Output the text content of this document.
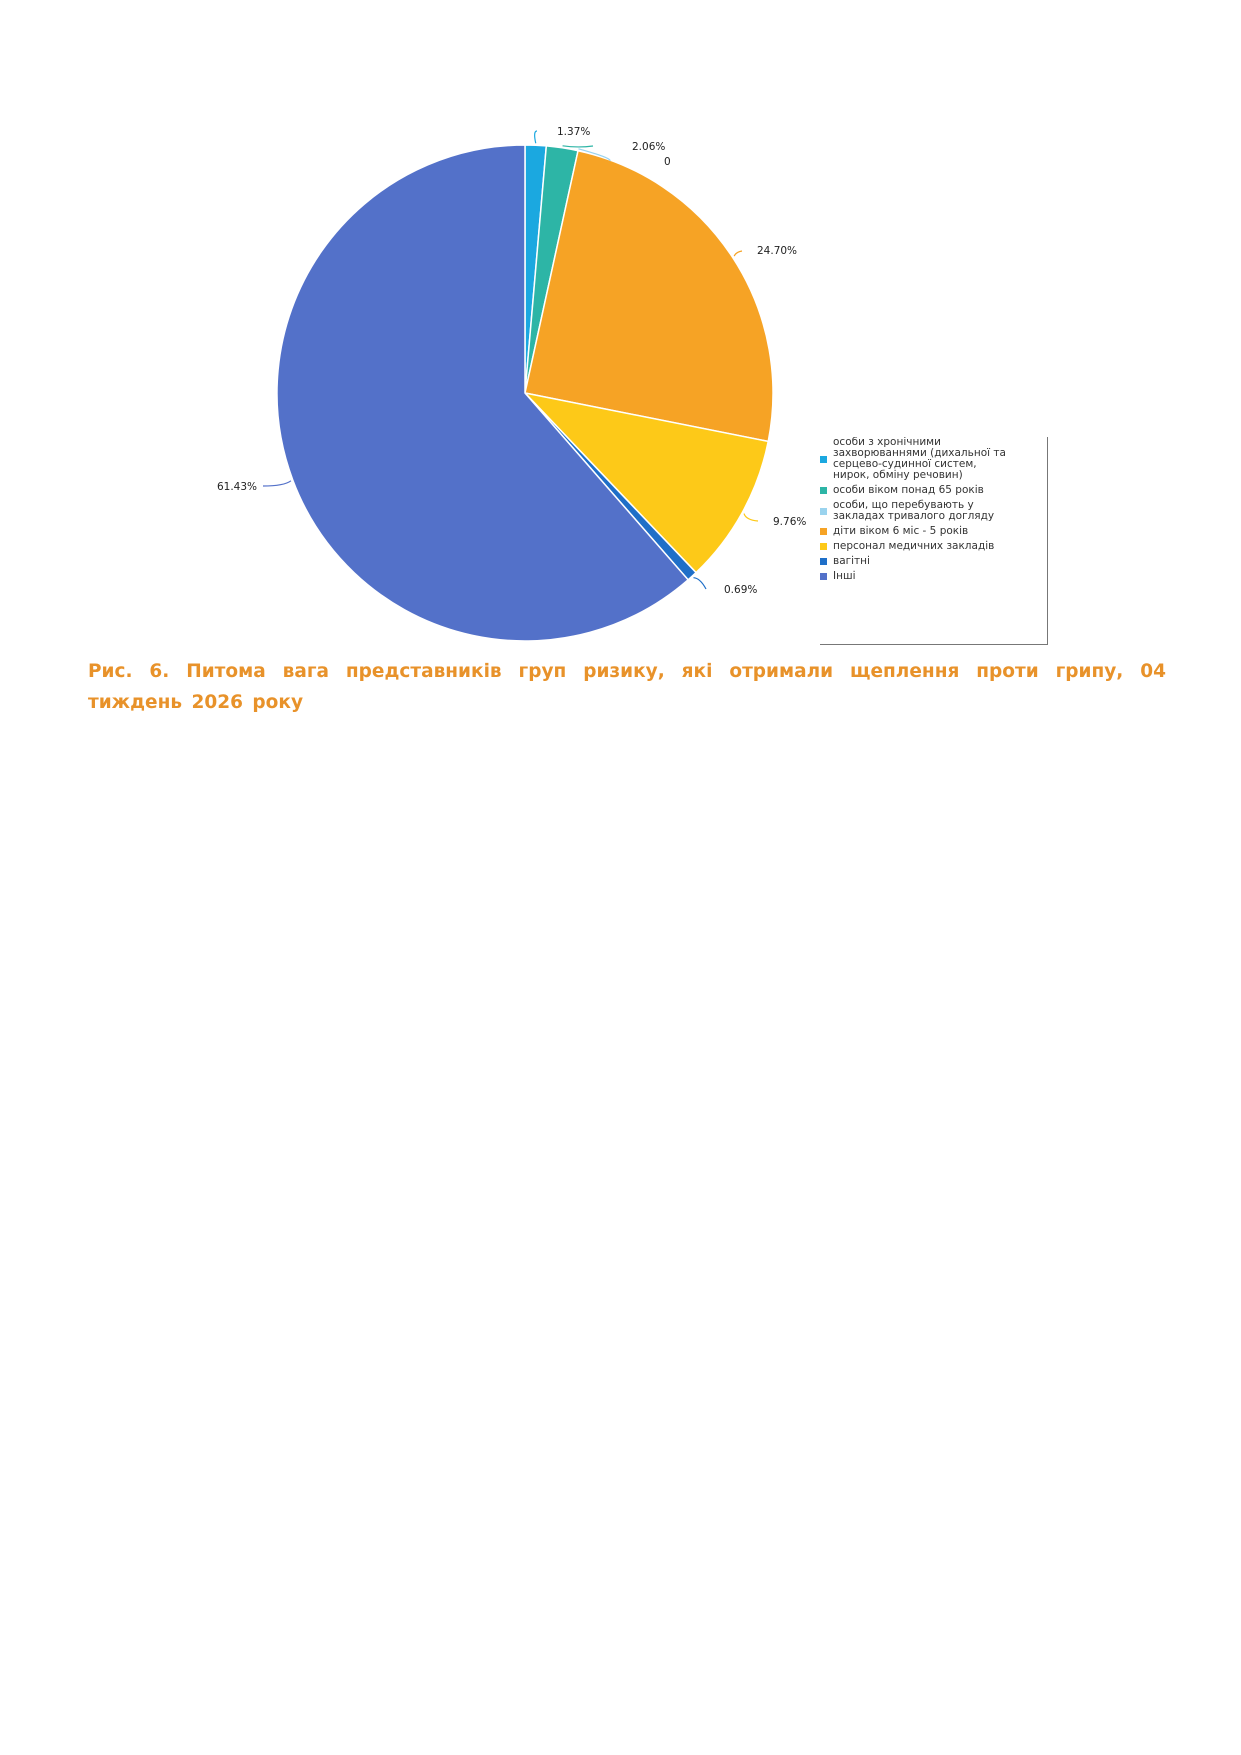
1.37%
2.06%
0
24.70%
9.76%
0.69%
61.43%
особи з хронічними
захворюваннями (дихальної та
серцево-судинної систем,
нирок, обміну речовин)
особи віком понад 65 років
особи, що перебувають у
закладах тривалого догляду
діти віком 6 міс - 5 років
персонал медичних закладів
вагітні
Інші

Рис. 6. Питома вага представників груп ризику, які отримали щеплення проти грипу, 04 тиждень 2026 року
